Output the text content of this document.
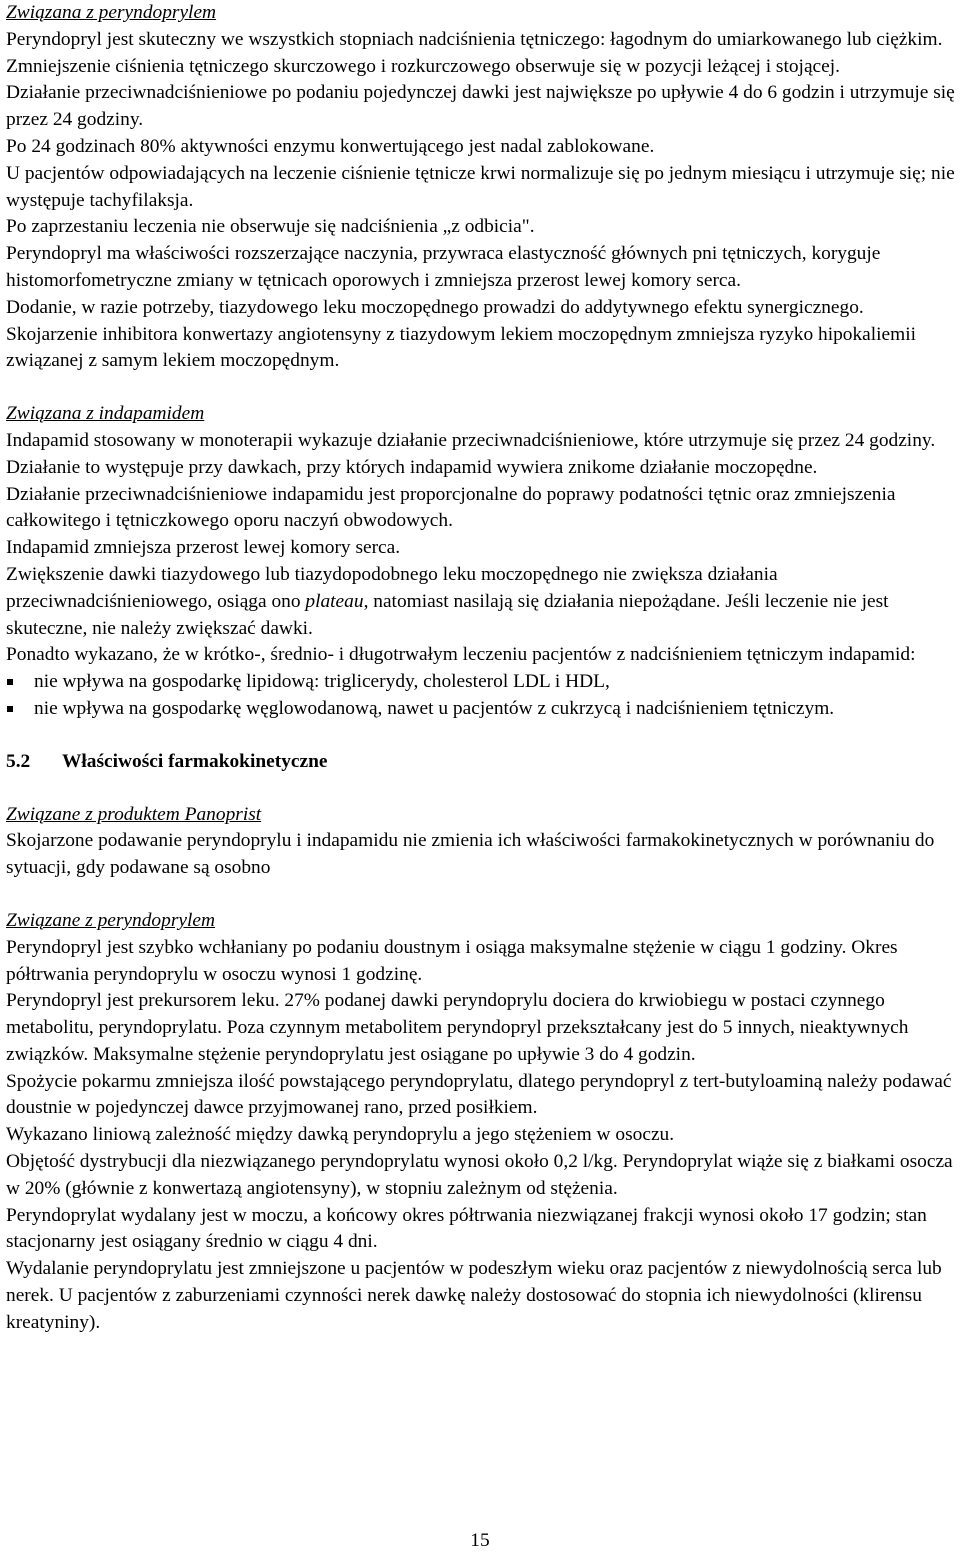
Związana z peryndoprylem

Peryndopryl jest skuteczny we wszystkich stopniach nadciśnienia tętniczego: łagodnym do umiarkowanego lub ciężkim. Zmniejszenie ciśnienia tętniczego skurczowego i rozkurczowego obserwuje się w pozycji leżącej i stojącej.

Działanie przeciwnadciśnieniowe po podaniu pojedynczej dawki jest największe po upływie 4 do 6 godzin i utrzymuje się przez 24 godziny.

Po 24 godzinach 80% aktywności enzymu konwertującego jest nadal zablokowane.

U pacjentów odpowiadających na leczenie ciśnienie tętnicze krwi normalizuje się po jednym miesiącu i utrzymuje się; nie występuje tachyfilaksja.

Po zaprzestaniu leczenia nie obserwuje się nadciśnienia „z odbicia".

Peryndopryl ma właściwości rozszerzające naczynia, przywraca elastyczność głównych pni tętniczych, koryguje histomorfometryczne zmiany w tętnicach oporowych i zmniejsza przerost lewej komory serca.

Dodanie, w razie potrzeby, tiazydowego leku moczopędnego prowadzi do addytywnego efektu synergicznego.

Skojarzenie inhibitora konwertazy angiotensyny z tiazydowym lekiem moczopędnym zmniejsza ryzyko hipokaliemii związanej z samym lekiem moczopędnym.

Związana z indapamidem

Indapamid stosowany w monoterapii wykazuje działanie przeciwnadciśnieniowe, które utrzymuje się przez 24 godziny. Działanie to występuje przy dawkach, przy których indapamid wywiera znikome działanie moczopędne.

Działanie przeciwnadciśnieniowe indapamidu jest proporcjonalne do poprawy podatności tętnic oraz zmniejszenia całkowitego i tętniczkowego oporu naczyń obwodowych.

Indapamid zmniejsza przerost lewej komory serca.

Zwiększenie dawki tiazydowego lub tiazydopodobnego leku moczopędnego nie zwiększa działania przeciwnadciśnieniowego, osiąga ono plateau, natomiast nasilają się działania niepożądane. Jeśli leczenie nie jest skuteczne, nie należy zwiększać dawki.

Ponadto wykazano, że w krótko-, średnio- i długotrwałym leczeniu pacjentów z nadciśnieniem tętniczym indapamid:

nie wpływa na gospodarkę lipidową: triglicerydy, cholesterol LDL i HDL,
nie wpływa na gospodarkę węglowodanową, nawet u pacjentów z cukrzycą i nadciśnieniem tętniczym.

5.2 Właściwości farmakokinetyczne

Związane z produktem Panoprist

Skojarzone podawanie peryndoprylu i indapamidu nie zmienia ich właściwości farmakokinetycznych w porównaniu do sytuacji, gdy podawane są osobno

Związane z peryndoprylem

Peryndopryl jest szybko wchłaniany po podaniu doustnym i osiąga maksymalne stężenie w ciągu 1 godziny. Okres półtrwania peryndoprylu w osoczu wynosi 1 godzinę.

Peryndopryl jest prekursorem leku. 27% podanej dawki peryndoprylu dociera do krwiobiegu w postaci czynnego metabolitu, peryndoprylatu. Poza czynnym metabolitem peryndopryl przekształcany jest do 5 innych, nieaktywnych związków. Maksymalne stężenie peryndoprylatu jest osiągane po upływie 3 do 4 godzin.

Spożycie pokarmu zmniejsza ilość powstającego peryndoprylatu, dlatego peryndopryl z tert-butyloaminą należy podawać doustnie w pojedynczej dawce przyjmowanej rano, przed posiłkiem.

Wykazano liniową zależność między dawką peryndoprylu a jego stężeniem w osoczu.

Objętość dystrybucji dla niezwiązanego peryndoprylatu wynosi około 0,2 l/kg. Peryndoprylat wiąże się z białkami osocza w 20% (głównie z konwertazą angiotensyny), w stopniu zależnym od stężenia.

Peryndoprylat wydalany jest w moczu, a końcowy okres półtrwania niezwiązanej frakcji wynosi około 17 godzin; stan stacjonarny jest osiągany średnio w ciągu 4 dni.

Wydalanie peryndoprylatu jest zmniejszone u pacjentów w podeszłym wieku oraz pacjentów z niewydolnością serca lub nerek. U pacjentów z zaburzeniami czynności nerek dawkę należy dostosować do stopnia ich niewydolności (klirensu kreatyniny).

15
